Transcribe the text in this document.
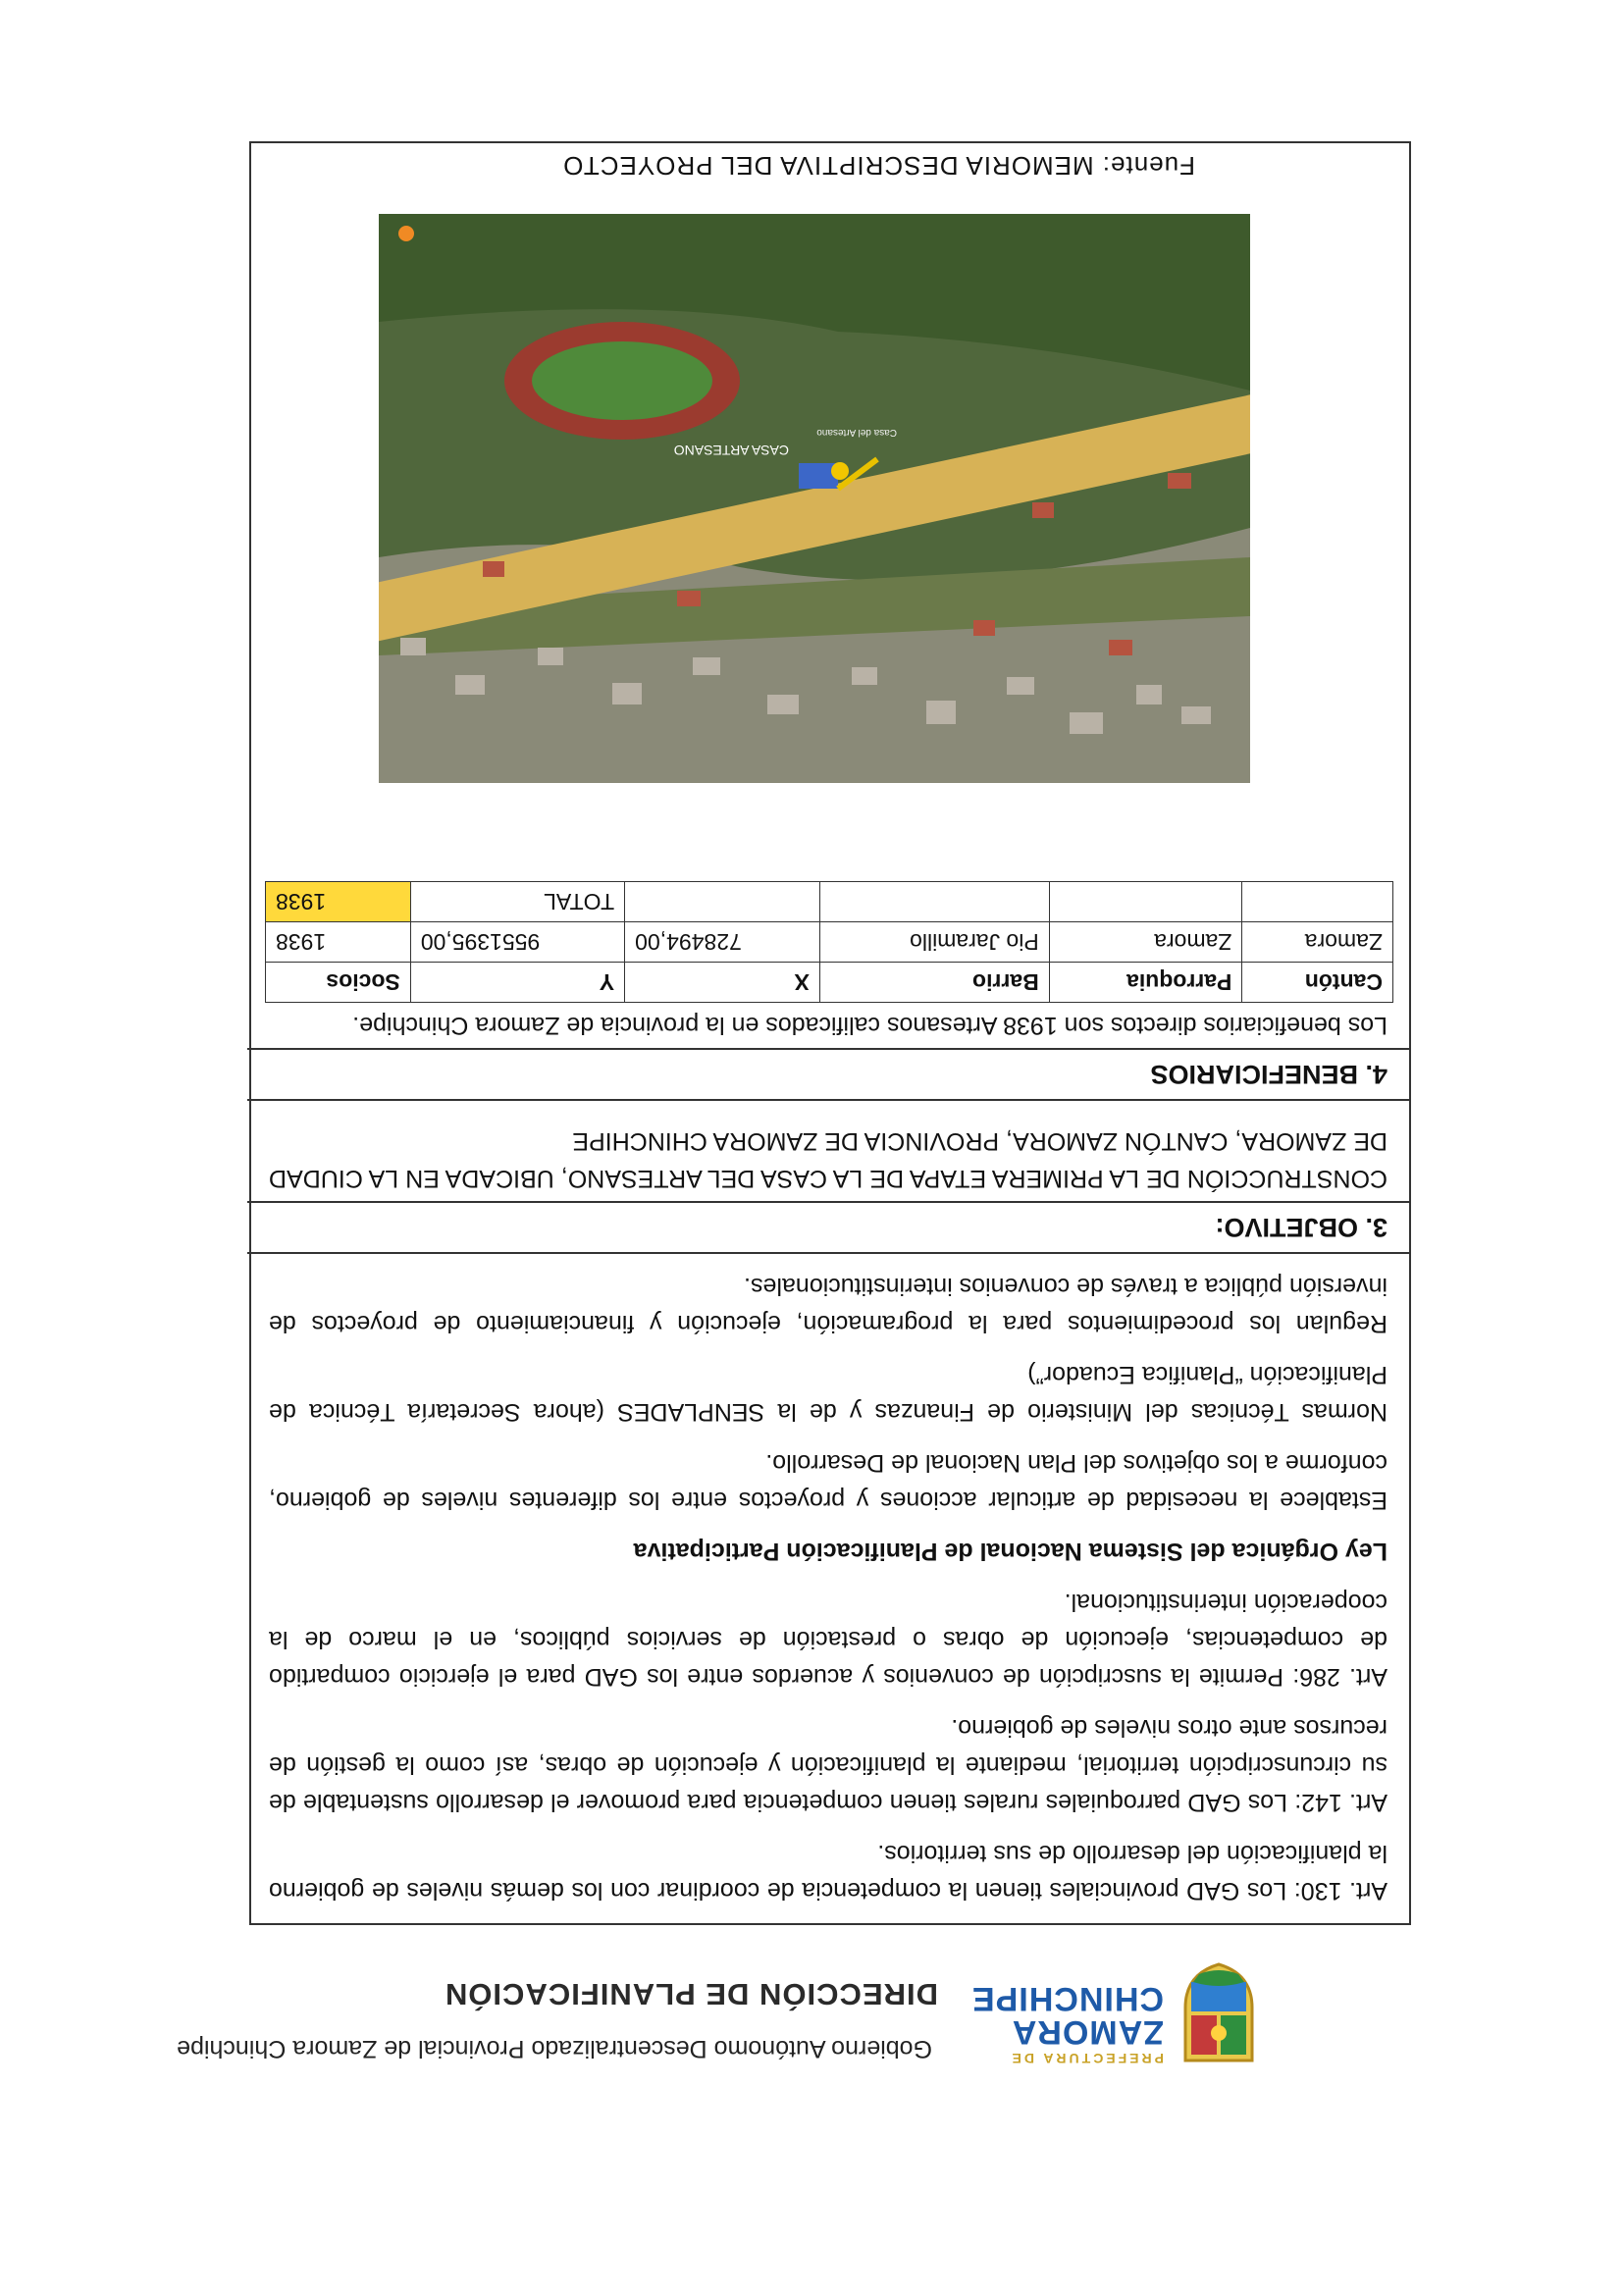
PREFECTURA DE
ZAMORA
CHINCHIPE
Gobierno Autónomo Descentralizado Provincial de Zamora Chinchipe
DIRECCIÓN DE PLANIFICACIÓN

Art. 130: Los GAD provinciales tienen la competencia de coordinar con los demás niveles de gobierno la planificación del desarrollo de sus territorios.

Art. 142: Los GAD parroquiales rurales tienen competencia para promover el desarrollo sustentable de su circunscripción territorial, mediante la planificación y ejecución de obras, así como la gestión de recursos ante otros niveles de gobierno.

Art. 286: Permite la suscripción de convenios y acuerdos entre los GAD para el ejercicio compartido de competencias, ejecución de obras o prestación de servicios públicos, en el marco de la cooperación interinstitucional.

Ley Orgánica del Sistema Nacional de Planificación Participativa

Establece la necesidad de articular acciones y proyectos entre los diferentes niveles de gobierno, conforme a los objetivos del Plan Nacional de Desarrollo.

Normas Técnicas del Ministerio de Finanzas y de la SENPLADES (ahora Secretaría Técnica de Planificación “Planifica Ecuador”)

Regulan los procedimientos para la programación, ejecución y financiamiento de proyectos de inversión pública a través de convenios interinstitucionales.

3. OBJETIVO:
CONSTRUCCIÓN DE LA PRIMERA ETAPA DE LA CASA DEL ARTESANO, UBICADA EN LA CIUDAD DE ZAMORA, CANTÓN ZAMORA, PROVINCIA DE ZAMORA CHINCHIPE
4. BENEFICIARIOS
Los beneficiarios directos son 1938 Artesanos calificados en la provincia de Zamora Chinchipe.
Cantón	Parroquia	Barrio	X	Y	Socios
Zamora	Zamora	Pio Jaramillo	728494,00	9551395,00	1938
				TOTAL	1938
CASA ARTESANO
Casa del Artesano
Fuente: MEMORIA DESCRIPTIVA DEL PROYECTO
